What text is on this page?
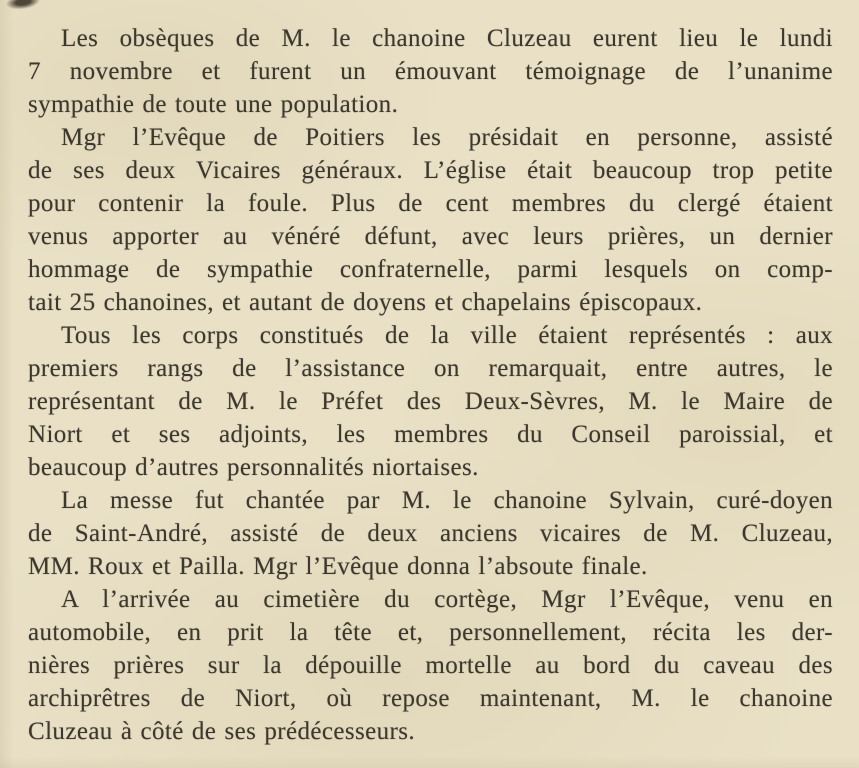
Les obsèques de M. le chanoine Cluzeau eurent lieu le lundi
7 novembre et furent un émouvant témoignage de l’unanime
sympathie de toute une population.
Mgr l’Evêque de Poitiers les présidait en personne, assisté
de ses deux Vicaires généraux. L’église était beaucoup trop petite
pour contenir la foule. Plus de cent membres du clergé étaient
venus apporter au vénéré défunt, avec leurs prières, un dernier
hommage de sympathie confraternelle, parmi lesquels on comp-
tait 25 chanoines, et autant de doyens et chapelains épiscopaux.
Tous les corps constitués de la ville étaient représentés : aux
premiers rangs de l’assistance on remarquait, entre autres, le
représentant de M. le Préfet des Deux-Sèvres, M. le Maire de
Niort et ses adjoints, les membres du Conseil paroissial, et
beaucoup d’autres personnalités niortaises.
La messe fut chantée par M. le chanoine Sylvain, curé-doyen
de Saint-André, assisté de deux anciens vicaires de M. Cluzeau,
MM. Roux et Pailla. Mgr l’Evêque donna l’absoute finale.
A l’arrivée au cimetière du cortège, Mgr l’Evêque, venu en
automobile, en prit la tête et, personnellement, récita les der-
nières prières sur la dépouille mortelle au bord du caveau des
archiprêtres de Niort, où repose maintenant, M. le chanoine
Cluzeau à côté de ses prédécesseurs.
